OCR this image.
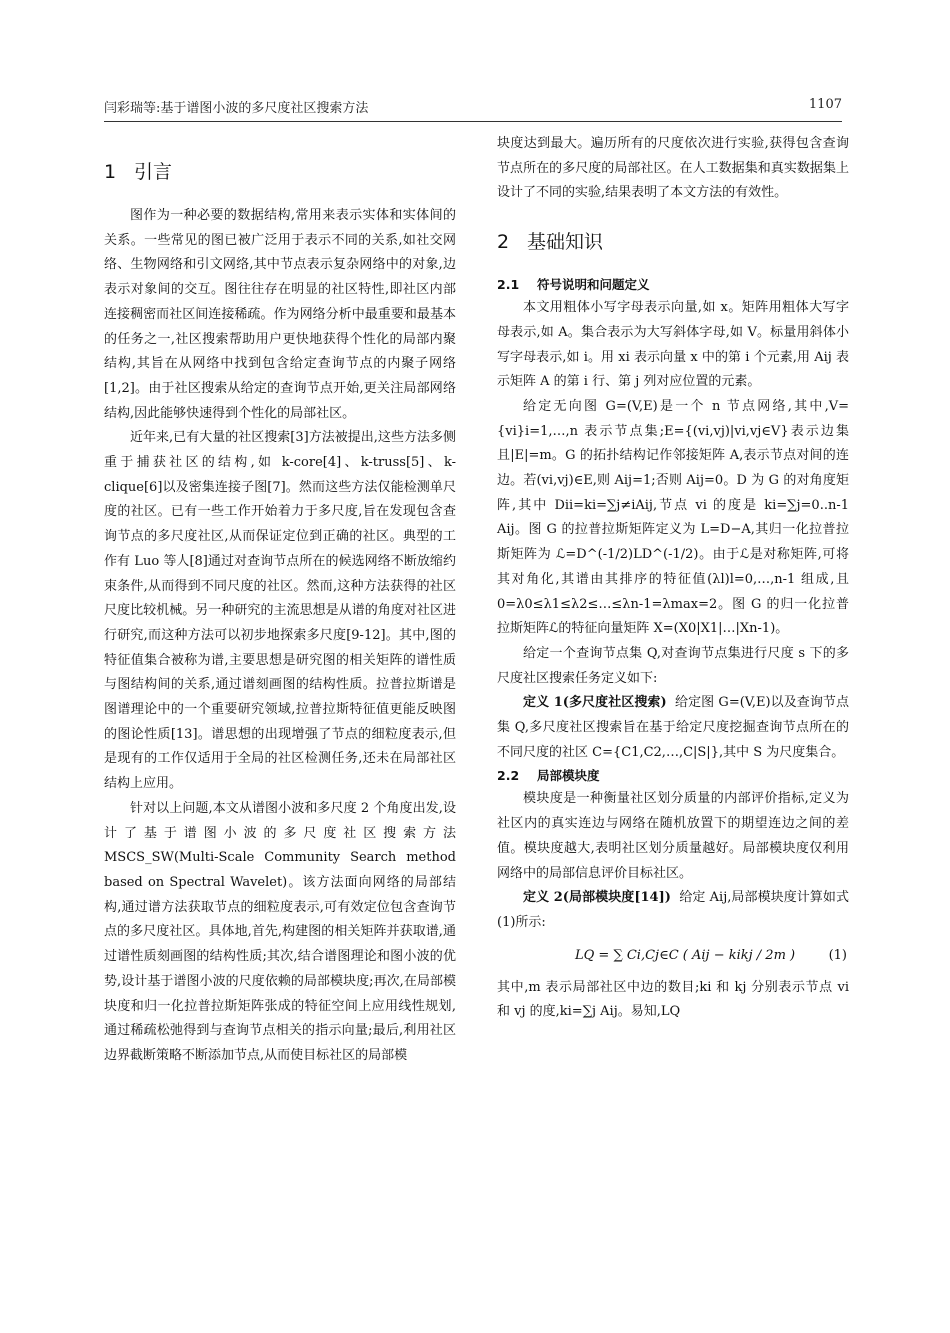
闫彩瑞等:基于谱图小波的多尺度社区搜索方法	1107
1 引言

图作为一种必要的数据结构,常用来表示实体和实体间的关系。一些常见的图已被广泛用于表示不同的关系,如社交网络、生物网络和引文网络,其中节点表示复杂网络中的对象,边表示对象间的交互。图往往存在明显的社区特性,即社区内部连接稠密而社区间连接稀疏。作为网络分析中最重要和最基本的任务之一,社区搜索帮助用户更快地获得个性化的局部内聚结构,其旨在从网络中找到包含给定查询节点的内聚子网络[1,2]。由于社区搜索从给定的查询节点开始,更关注局部网络结构,因此能够快速得到个性化的局部社区。

近年来,已有大量的社区搜索[3]方法被提出,这些方法多侧重于捕获社区的结构,如 k-core[4]、k-truss[5]、k-clique[6]以及密集连接子图[7]。然而这些方法仅能检测单尺度的社区。已有一些工作开始着力于多尺度,旨在发现包含查询节点的多尺度社区,从而保证定位到正确的社区。典型的工作有 Luo 等人[8]通过对查询节点所在的候选网络不断放缩约束条件,从而得到不同尺度的社区。然而,这种方法获得的社区尺度比较机械。另一种研究的主流思想是从谱的角度对社区进行研究,而这种方法可以初步地探索多尺度[9-12]。其中,图的特征值集合被称为谱,主要思想是研究图的相关矩阵的谱性质与图结构间的关系,通过谱刻画图的结构性质。拉普拉斯谱是图谱理论中的一个重要研究领域,拉普拉斯特征值更能反映图的图论性质[13]。谱思想的出现增强了节点的细粒度表示,但是现有的工作仅适用于全局的社区检测任务,还未在局部社区结构上应用。

针对以上问题,本文从谱图小波和多尺度 2 个角度出发,设计了基于谱图小波的多尺度社区搜索方法 MSCS_SW(Multi-Scale Community Search method based on Spectral Wavelet)。该方法面向网络的局部结构,通过谱方法获取节点的细粒度表示,可有效定位包含查询节点的多尺度社区。具体地,首先,构建图的相关矩阵并获取谱,通过谱性质刻画图的结构性质;其次,结合谱图理论和图小波的优势,设计基于谱图小波的尺度依赖的局部模块度;再次,在局部模块度和归一化拉普拉斯矩阵张成的特征空间上应用线性规划,通过稀疏松弛得到与查询节点相关的指示向量;最后,利用社区边界截断策略不断添加节点,从而使目标社区的局部模

块度达到最大。遍历所有的尺度依次进行实验,获得包含查询节点所在的多尺度的局部社区。在人工数据集和真实数据集上设计了不同的实验,结果表明了本文方法的有效性。

2 基础知识
2.1 符号说明和问题定义

本文用粗体小写字母表示向量,如 x。矩阵用粗体大写字母表示,如 A。集合表示为大写斜体字母,如 V。标量用斜体小写字母表示,如 i。用 xi 表示向量 x 中的第 i 个元素,用 Aij 表示矩阵 A 的第 i 行、第 j 列对应位置的元素。

给定无向图 G=(V,E)是一个 n 节点网络,其中,V={vi}i=1,…,n 表示节点集;E={(vi,vj)|vi,vj∈V}表示边集且|E|=m。G 的拓扑结构记作邻接矩阵 A,表示节点对间的连边。若(vi,vj)∈E,则 Aij=1;否则 Aij=0。D 为 G 的对角度矩阵,其中 Dii=ki=∑j≠iAij,节点 vi 的度是 ki=∑j=0..n-1 Aij。图 G 的拉普拉斯矩阵定义为 L=D−A,其归一化拉普拉斯矩阵为 ℒ=D^(-1/2)LD^(-1/2)。由于ℒ是对称矩阵,可将其对角化,其谱由其排序的特征值(λl)l=0,…,n-1 组成,且 0=λ0≤λ1≤λ2≤…≤λn-1=λmax=2。图 G 的归一化拉普拉斯矩阵ℒ的特征向量矩阵 X=(X0|X1|…|Xn-1)。

给定一个查询节点集 Q,对查询节点集进行尺度 s 下的多尺度社区搜索任务定义如下:

定义 1(多尺度社区搜索) 给定图 G=(V,E)以及查询节点集 Q,多尺度社区搜索旨在基于给定尺度挖掘查询节点所在的不同尺度的社区 C={C1,C2,…,C|S|},其中 S 为尺度集合。

2.2 局部模块度

模块度是一种衡量社区划分质量的内部评价指标,定义为社区内的真实连边与网络在随机放置下的期望连边之间的差值。模块度越大,表明社区划分质量越好。局部模块度仅利用网络中的局部信息评价目标社区。

定义 2(局部模块度[14]) 给定 Aij,局部模块度计算如式(1)所示:

LQ = ∑ Ci,Cj∈C ( Aij − kikj / 2m )	(1)

其中,m 表示局部社区中边的数目;ki 和 kj 分别表示节点 vi 和 vj 的度,ki=∑j Aij。易知,LQ
